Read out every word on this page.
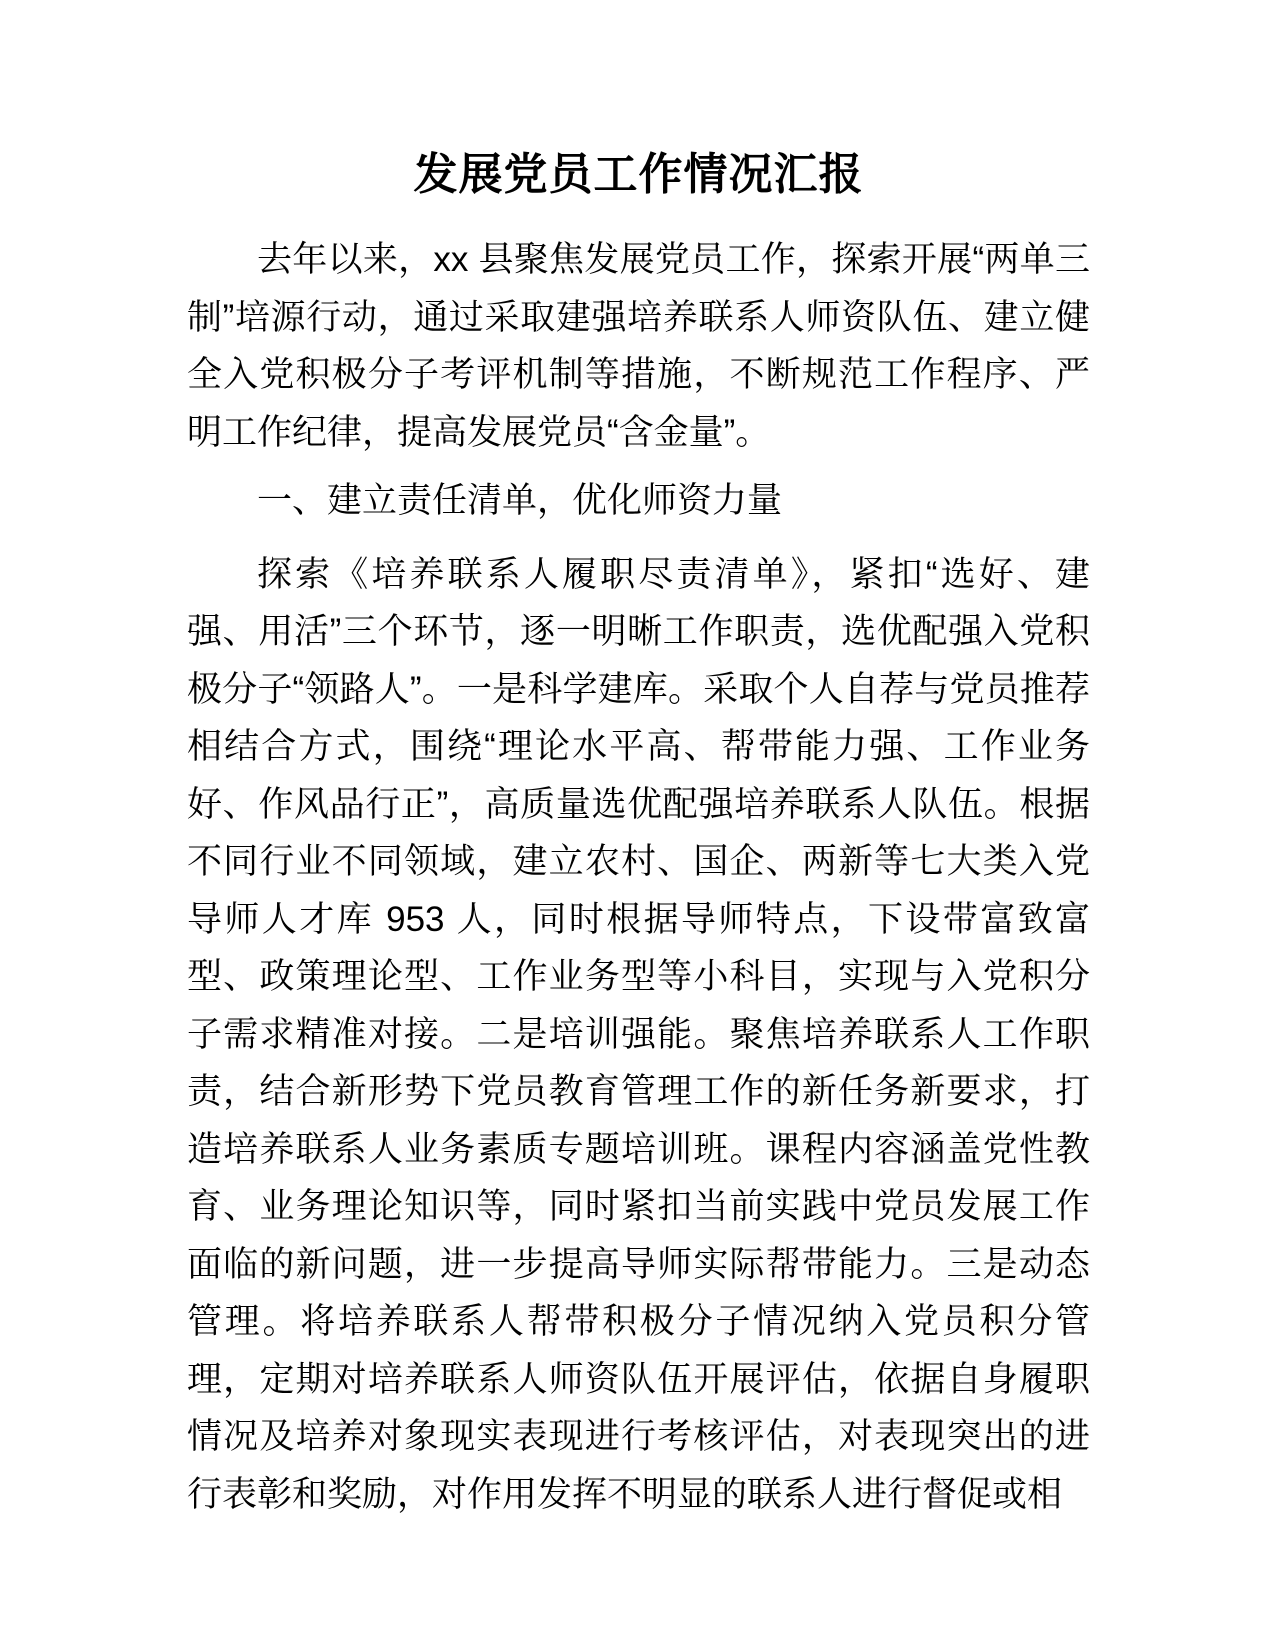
发展党员工作情况汇报

去年以来，xx 县聚焦发展党员工作，探索开展“两单三制”培源行动，通过采取建强培养联系人师资队伍、建立健全入党积极分子考评机制等措施，不断规范工作程序、严明工作纪律，提高发展党员“含金量”。

一、建立责任清单，优化师资力量

探索《培养联系人履职尽责清单》，紧扣“选好、建强、用活”三个环节，逐一明晰工作职责，选优配强入党积极分子“领路人”。一是科学建库。采取个人自荐与党员推荐相结合方式，围绕“理论水平高、帮带能力强、工作业务好、作风品行正”，高质量选优配强培养联系人队伍。根据不同行业不同领域，建立农村、国企、两新等七大类入党导师人才库 953 人，同时根据导师特点，下设带富致富型、政策理论型、工作业务型等小科目，实现与入党积分子需求精准对接。二是培训强能。聚焦培养联系人工作职责，结合新形势下党员教育管理工作的新任务新要求，打造培养联系人业务素质专题培训班。课程内容涵盖党性教育、业务理论知识等，同时紧扣当前实践中党员发展工作面临的新问题，进一步提高导师实际帮带能力。三是动态管理。将培养联系人帮带积极分子情况纳入党员积分管理，定期对培养联系人师资队伍开展评估，依据自身履职情况及培养对象现实表现进行考核评估，对表现突出的进行表彰和奖励，对作用发挥不明显的联系人进行督促或相
